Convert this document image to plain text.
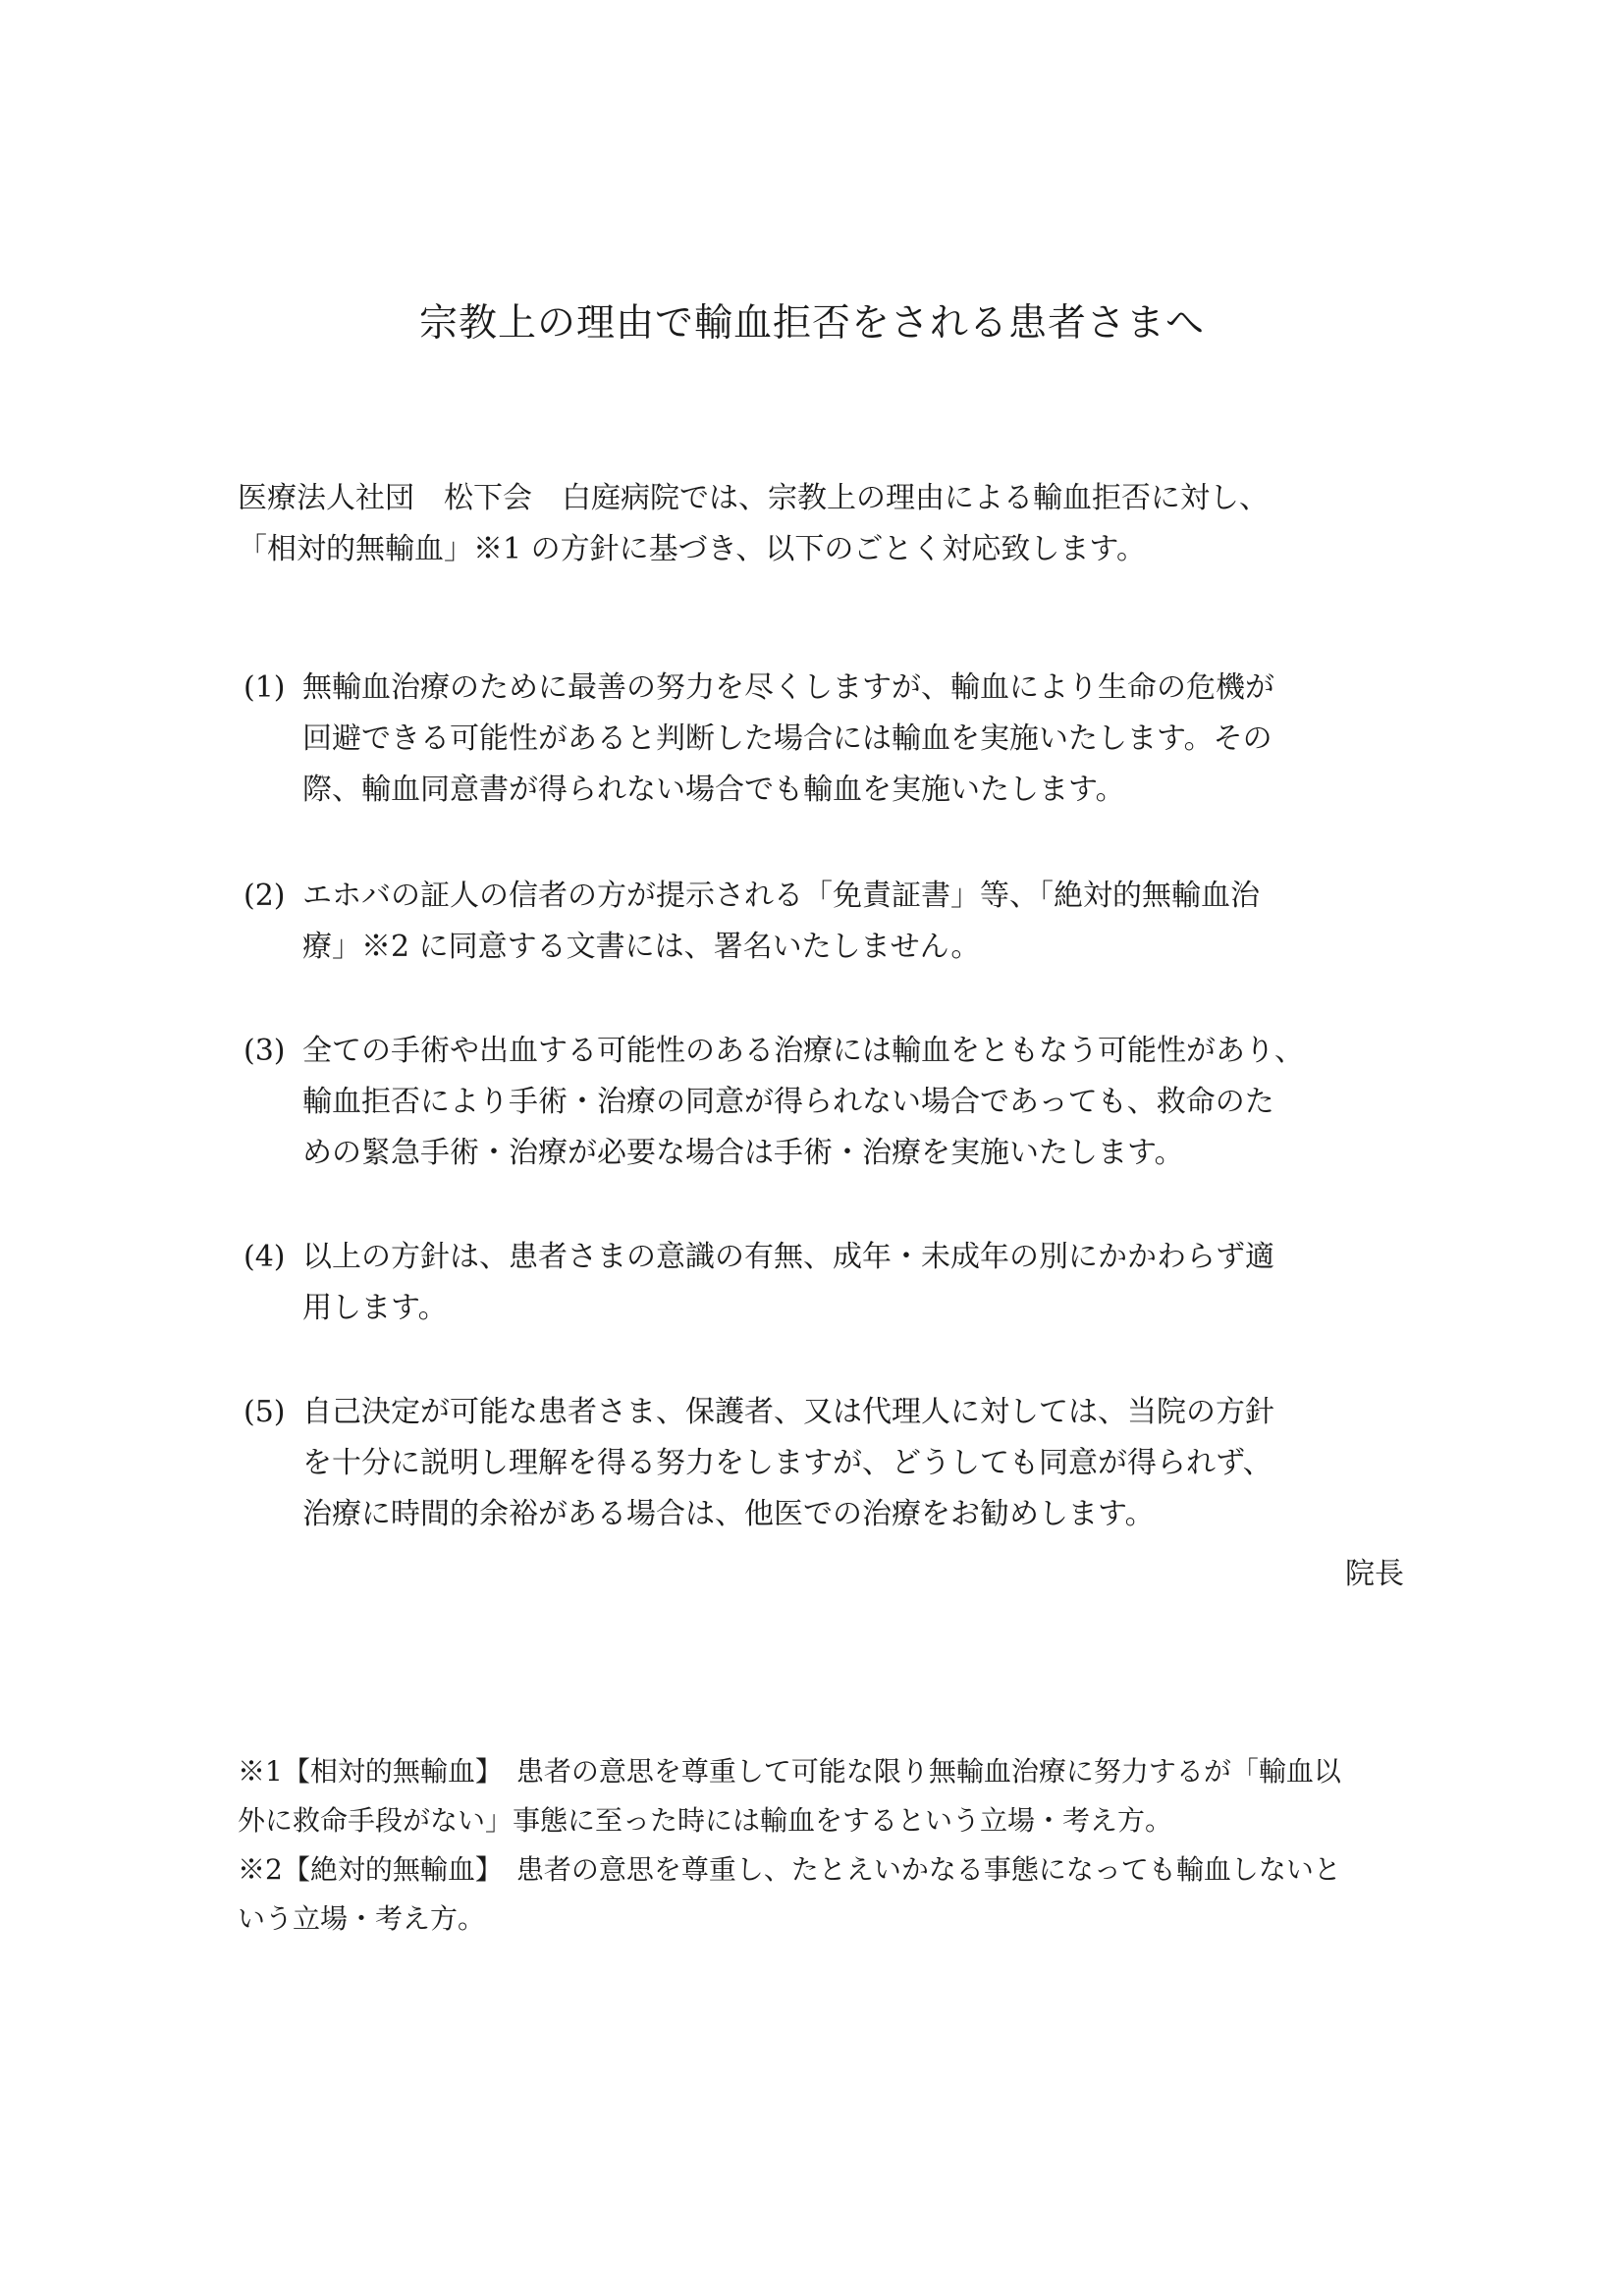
宗教上の理由で輸血拒否をされる患者さまへ

医療法人社団　松下会　白庭病院では、宗教上の理由による輸血拒否に対し、

「相対的無輸血」※1 の方針に基づき、以下のごとく対応致します。

(1) 無輸血治療のために最善の努力を尽くしますが、輸血により生命の危機が

回避できる可能性があると判断した場合には輸血を実施いたします。その

際、輸血同意書が得られない場合でも輸血を実施いたします。

(2) エホバの証人の信者の方が提示される「免責証書」等、「絶対的無輸血治

療」※2 に同意する文書には、署名いたしません。

(3) 全ての手術や出血する可能性のある治療には輸血をともなう可能性があり、

輸血拒否により手術・治療の同意が得られない場合であっても、救命のた

めの緊急手術・治療が必要な場合は手術・治療を実施いたします。

(4) 以上の方針は、患者さまの意識の有無、成年・未成年の別にかかわらず適

用します。

(5) 自己決定が可能な患者さま、保護者、又は代理人に対しては、当院の方針

を十分に説明し理解を得る努力をしますが、どうしても同意が得られず、

治療に時間的余裕がある場合は、他医での治療をお勧めします。

院長

※1【相対的無輸血】　患者の意思を尊重して可能な限り無輸血治療に努力するが「輸血以

外に救命手段がない」事態に至った時には輸血をするという立場・考え方。

※2【絶対的無輸血】　患者の意思を尊重し、たとえいかなる事態になっても輸血しないと

いう立場・考え方。
